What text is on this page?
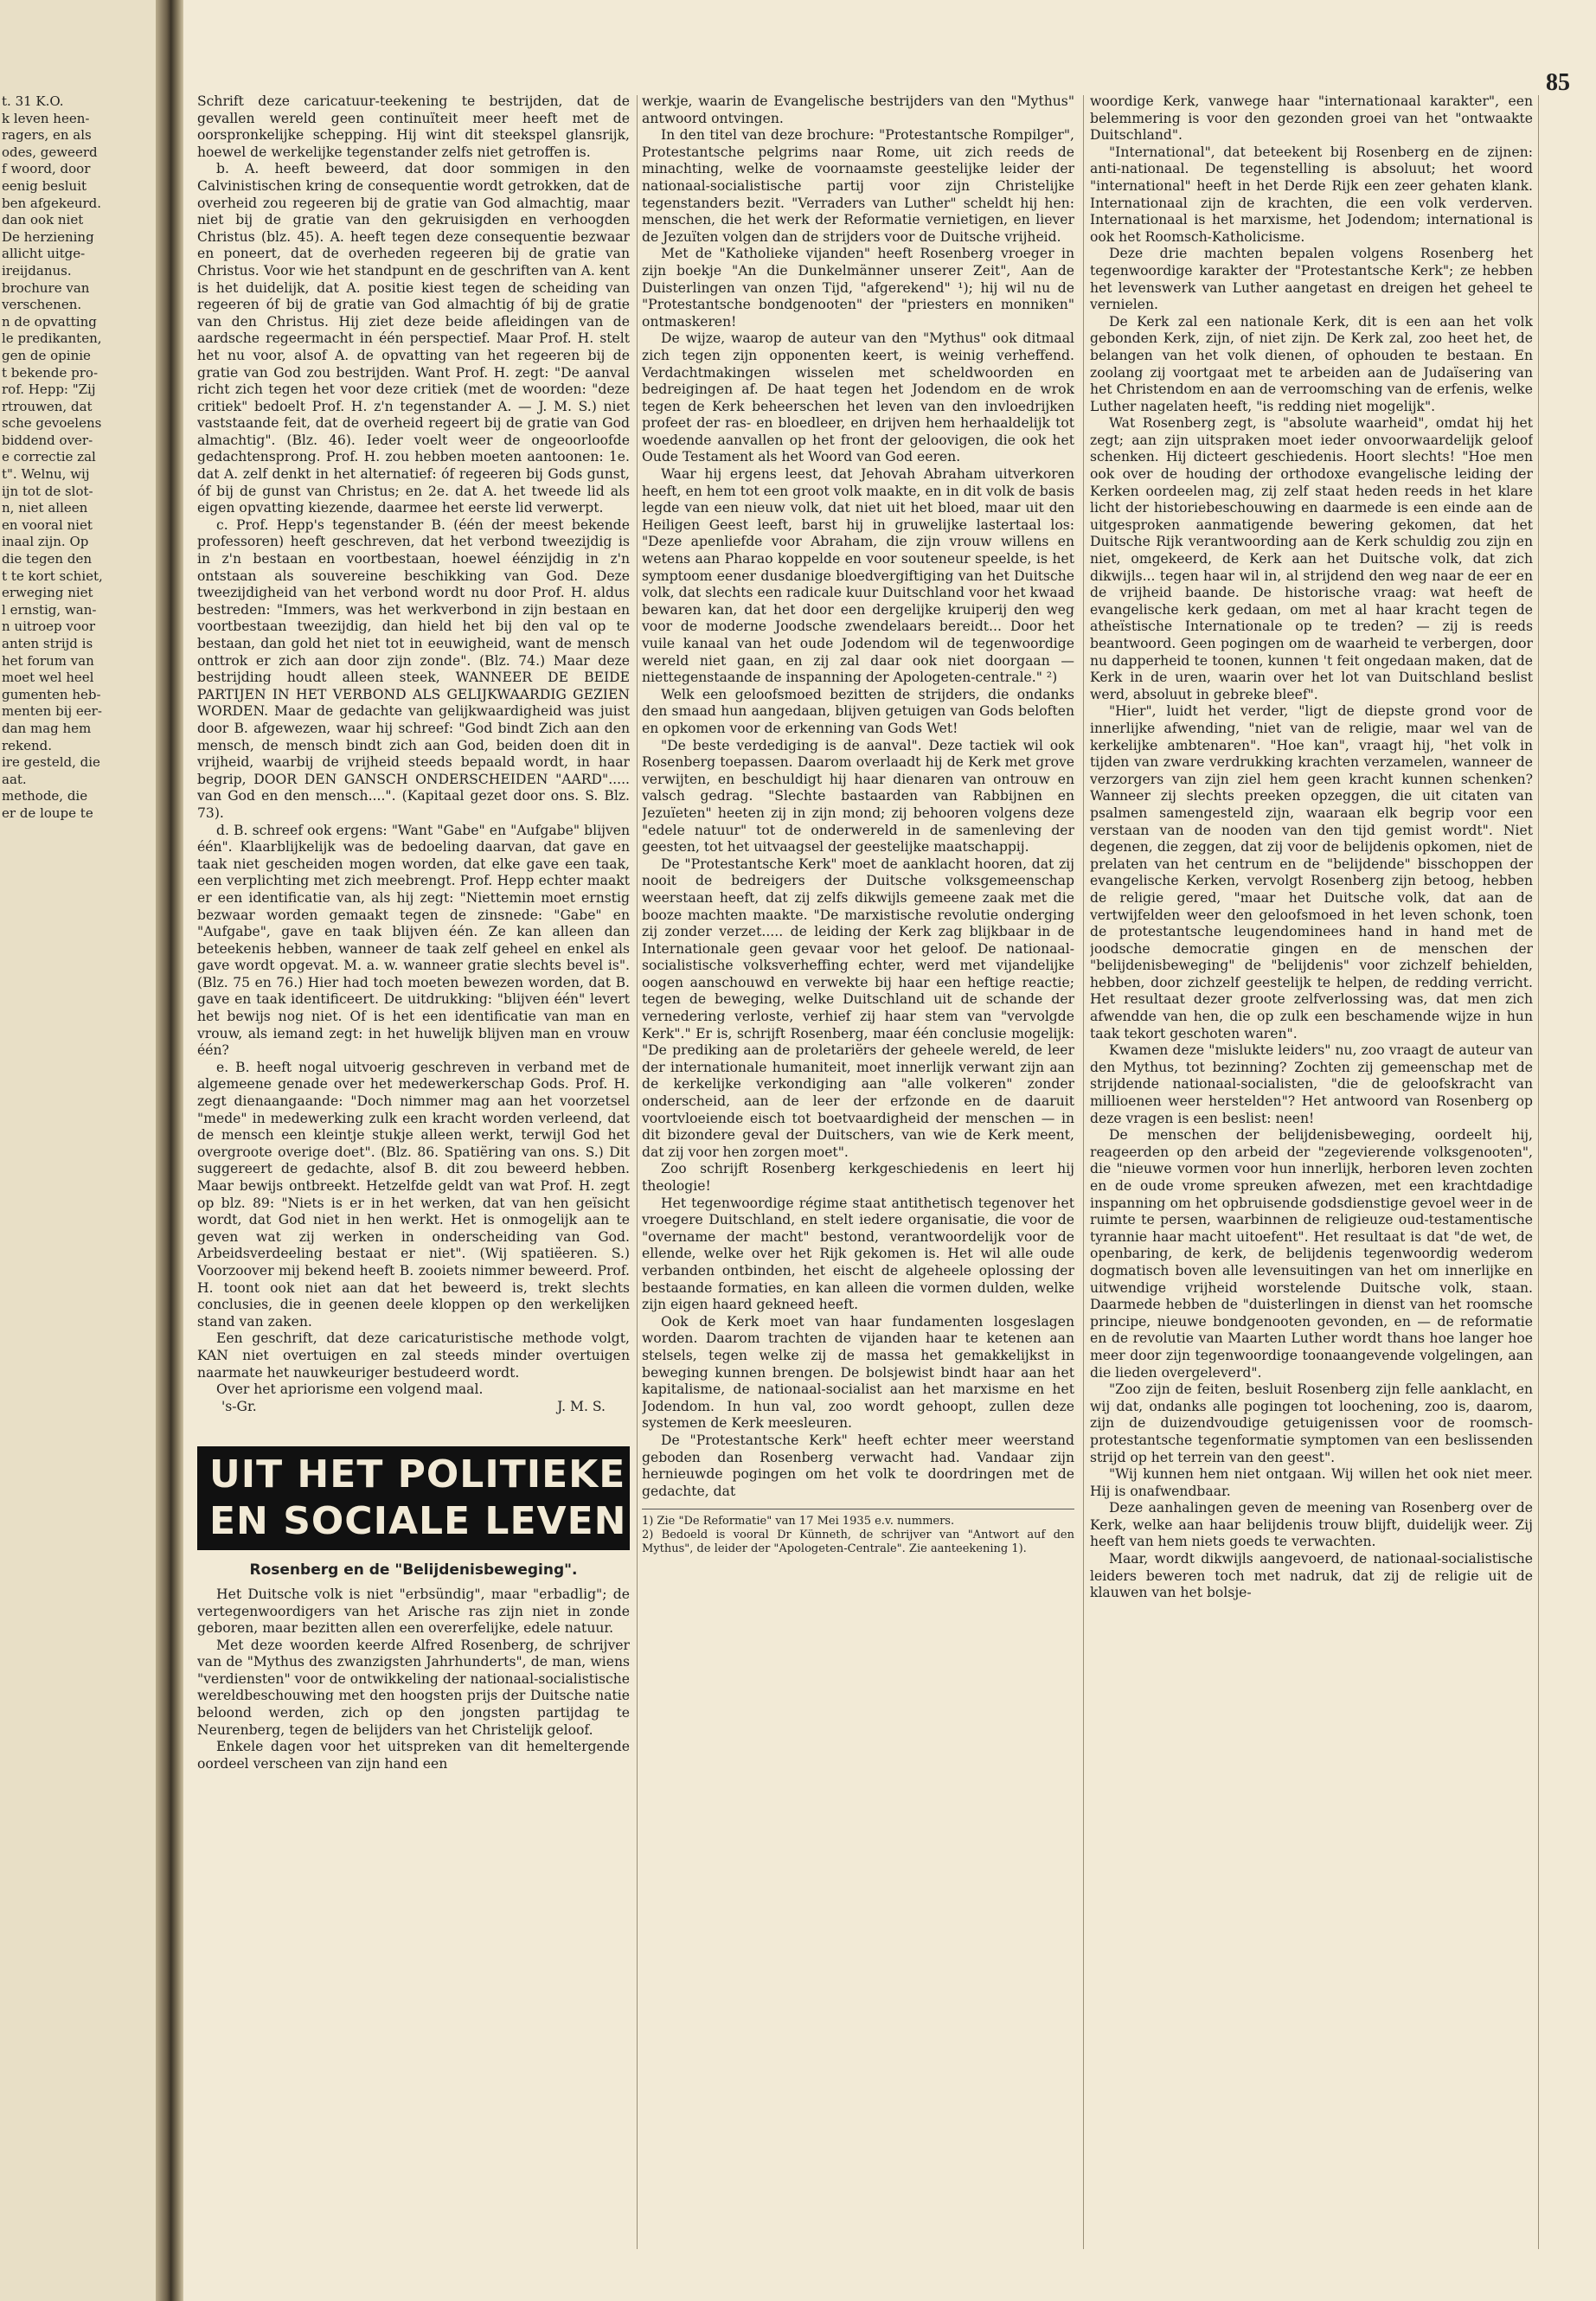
t. 31 K.O.

k leven heen-

ragers, en als

odes, geweerd

f woord, door

eenig besluit

ben afgekeurd.

dan ook niet

De herziening

allicht uitge-

ireijdanus.

brochure van

verschenen.

n de opvatting

le predikanten,

gen de opinie

t bekende pro-

rof. Hepp: "Zij

rtrouwen, dat

sche gevoelens

biddend over-

e correctie zal

t". Welnu, wij

ijn tot de slot-

n, niet alleen

en vooral niet

inaal zijn. Op

die tegen den

t te kort schiet,

erweging niet

l ernstig, wan-

n uitroep voor

anten strijd is

het forum van

moet wel heel

gumenten heb-

menten bij eer-

dan mag hem

rekend.

ire gesteld, die

aat.

methode, die

er de loupe te

85

Schrift deze caricatuur-teekening te bestrijden, dat de gevallen wereld geen continuïteit meer heeft met de oorspronkelijke schepping. Hij wint dit steekspel glansrijk, hoewel de werkelijke tegenstander zelfs niet getroffen is.

b. A. heeft beweerd, dat door sommigen in den Calvinistischen kring de consequentie wordt getrokken, dat de overheid zou regeeren bij de gratie van God almachtig, maar niet bij de gratie van den gekruisigden en verhoogden Christus (blz. 45). A. heeft tegen deze consequentie bezwaar en poneert, dat de overheden regeeren bij de gratie van Christus. Voor wie het standpunt en de geschriften van A. kent is het duidelijk, dat A. positie kiest tegen de scheiding van regeeren óf bij de gratie van God almachtig óf bij de gratie van den Christus. Hij ziet deze beide afleidingen van de aardsche regeermacht in één perspectief. Maar Prof. H. stelt het nu voor, alsof A. de opvatting van het regeeren bij de gratie van God zou bestrijden. Want Prof. H. zegt: "De aanval richt zich tegen het voor deze critiek (met de woorden: "deze critiek" bedoelt Prof. H. z'n tegenstander A. — J. M. S.) niet vaststaande feit, dat de overheid regeert bij de gratie van God almachtig". (Blz. 46). Ieder voelt weer de ongeoorloofde gedachtensprong. Prof. H. zou hebben moeten aantoonen: 1e. dat A. zelf denkt in het alternatief: óf regeeren bij Gods gunst, óf bij de gunst van Christus; en 2e. dat A. het tweede lid als eigen opvatting kiezende, daarmee het eerste lid verwerpt.

c. Prof. Hepp's tegenstander B. (één der meest bekende professoren) heeft geschreven, dat het verbond tweezijdig is in z'n bestaan en voortbestaan, hoewel éénzijdig in z'n ontstaan als souvereine beschikking van God. Deze tweezijdigheid van het verbond wordt nu door Prof. H. aldus bestreden: "Immers, was het werkverbond in zijn bestaan en voortbestaan tweezijdig, dan hield het bij den val op te bestaan, dan gold het niet tot in eeuwigheid, want de mensch onttrok er zich aan door zijn zonde". (Blz. 74.) Maar deze bestrijding houdt alleen steek, WANNEER DE BEIDE PARTIJEN IN HET VERBOND ALS GELIJKWAARDIG GEZIEN WORDEN. Maar de gedachte van gelijkwaardigheid was juist door B. afgewezen, waar hij schreef: "God bindt Zich aan den mensch, de mensch bindt zich aan God, beiden doen dit in vrijheid, waarbij de vrijheid steeds bepaald wordt, in haar begrip, DOOR DEN GANSCH ONDERSCHEIDEN "AARD"..... van God en den mensch....". (Kapitaal gezet door ons. S. Blz. 73).

d. B. schreef ook ergens: "Want "Gabe" en "Aufgabe" blijven één". Klaarblijkelijk was de bedoeling daarvan, dat gave en taak niet gescheiden mogen worden, dat elke gave een taak, een verplichting met zich meebrengt. Prof. Hepp echter maakt er een identificatie van, als hij zegt: "Niettemin moet ernstig bezwaar worden gemaakt tegen de zinsnede: "Gabe" en "Aufgabe", gave en taak blijven één. Ze kan alleen dan beteekenis hebben, wanneer de taak zelf geheel en enkel als gave wordt opgevat. M. a. w. wanneer gratie slechts bevel is". (Blz. 75 en 76.) Hier had toch moeten bewezen worden, dat B. gave en taak identificeert. De uitdrukking: "blijven één" levert het bewijs nog niet. Of is het een identificatie van man en vrouw, als iemand zegt: in het huwelijk blijven man en vrouw één?

e. B. heeft nogal uitvoerig geschreven in verband met de algemeene genade over het medewerkerschap Gods. Prof. H. zegt dienaangaande: "Doch nimmer mag aan het voorzetsel "mede" in medewerking zulk een kracht worden verleend, dat de mensch een kleintje stukje alleen werkt, terwijl God het overgroote overige doet". (Blz. 86. Spatiëring van ons. S.) Dit suggereert de gedachte, alsof B. dit zou beweerd hebben. Maar bewijs ontbreekt. Hetzelfde geldt van wat Prof. H. zegt op blz. 89: "Niets is er in het werken, dat van hen geïsicht wordt, dat God niet in hen werkt. Het is onmogelijk aan te geven wat zij werken in onderscheiding van God. Arbeidsverdeeling bestaat er niet". (Wij spatiëeren. S.) Voorzoover mij bekend heeft B. zooiets nimmer beweerd. Prof. H. toont ook niet aan dat het beweerd is, trekt slechts conclusies, die in geenen deele kloppen op den werkelijken stand van zaken.

Een geschrift, dat deze caricaturistische methode volgt, KAN niet overtuigen en zal steeds minder overtuigen naarmate het nauwkeuriger bestudeerd wordt.

Over het apriorisme een volgend maal.

's-Gr.	J. M. S.
UIT HET POLITIEKE
EN SOCIALE LEVEN
Rosenberg en de "Belijdenisbeweging".

Het Duitsche volk is niet "erbsündig", maar "erbadlig"; de vertegenwoordigers van het Arische ras zijn niet in zonde geboren, maar bezitten allen een overerfelijke, edele natuur.

Met deze woorden keerde Alfred Rosenberg, de schrijver van de "Mythus des zwanzigsten Jahrhunderts", de man, wiens "verdiensten" voor de ontwikkeling der nationaal-socialistische wereldbeschouwing met den hoogsten prijs der Duitsche natie beloond werden, zich op den jongsten partijdag te Neurenberg, tegen de belijders van het Christelijk geloof.

Enkele dagen voor het uitspreken van dit hemeltergende oordeel verscheen van zijn hand een

werkje, waarin de Evangelische bestrijders van den "Mythus" antwoord ontvingen.

In den titel van deze brochure: "Protestantsche Rompilger", Protestantsche pelgrims naar Rome, uit zich reeds de minachting, welke de voornaamste geestelijke leider der nationaal-socialistische partij voor zijn Christelijke tegenstanders bezit. "Verraders van Luther" scheldt hij hen: menschen, die het werk der Reformatie vernietigen, en liever de Jezuïten volgen dan de strijders voor de Duitsche vrijheid.

Met de "Katholieke vijanden" heeft Rosenberg vroeger in zijn boekje "An die Dunkelmänner unserer Zeit", Aan de Duisterlingen van onzen Tijd, "afgerekend" ¹); hij wil nu de "Protestantsche bondgenooten" der "priesters en monniken" ontmaskeren!

De wijze, waarop de auteur van den "Mythus" ook ditmaal zich tegen zijn opponenten keert, is weinig verheffend. Verdachtmakingen wisselen met scheldwoorden en bedreigingen af. De haat tegen het Jodendom en de wrok tegen de Kerk beheerschen het leven van den invloedrijken profeet der ras- en bloedleer, en drijven hem herhaaldelijk tot woedende aanvallen op het front der geloovigen, die ook het Oude Testament als het Woord van God eeren.

Waar hij ergens leest, dat Jehovah Abraham uitverkoren heeft, en hem tot een groot volk maakte, en in dit volk de basis legde van een nieuw volk, dat niet uit het bloed, maar uit den Heiligen Geest leeft, barst hij in gruwelijke lastertaal los: "Deze apenliefde voor Abraham, die zijn vrouw willens en wetens aan Pharao koppelde en voor souteneur speelde, is het symptoom eener dusdanige bloedvergiftiging van het Duitsche volk, dat slechts een radicale kuur Duitschland voor het kwaad bewaren kan, dat het door een dergelijke kruiperij den weg voor de moderne Joodsche zwendelaars bereidt... Door het vuile kanaal van het oude Jodendom wil de tegenwoordige wereld niet gaan, en zij zal daar ook niet doorgaan — niettegenstaande de inspanning der Apologeten-centrale." ²)

Welk een geloofsmoed bezitten de strijders, die ondanks den smaad hun aangedaan, blijven getuigen van Gods beloften en opkomen voor de erkenning van Gods Wet!

"De beste verdediging is de aanval". Deze tactiek wil ook Rosenberg toepassen. Daarom overlaadt hij de Kerk met grove verwijten, en beschuldigt hij haar dienaren van ontrouw en valsch gedrag. "Slechte bastaarden van Rabbijnen en Jezuïeten" heeten zij in zijn mond; zij behooren volgens deze "edele natuur" tot de onderwereld in de samenleving der geesten, tot het uitvaagsel der geestelijke maatschappij.

De "Protestantsche Kerk" moet de aanklacht hooren, dat zij nooit de bedreigers der Duitsche volksgemeenschap weerstaan heeft, dat zij zelfs dikwijls gemeene zaak met die booze machten maakte. "De marxistische revolutie onderging zij zonder verzet..... de leiding der Kerk zag blijkbaar in de Internationale geen gevaar voor het geloof. De nationaal-socialistische volksverheffing echter, werd met vijandelijke oogen aanschouwd en verwekte bij haar een heftige reactie; tegen de beweging, welke Duitschland uit de schande der vernedering verloste, verhief zij haar stem van "vervolgde Kerk"." Er is, schrijft Rosenberg, maar één conclusie mogelijk: "De prediking aan de proletariërs der geheele wereld, de leer der internationale humaniteit, moet innerlijk verwant zijn aan de kerkelijke verkondiging aan "alle volkeren" zonder onderscheid, aan de leer der erfzonde en de daaruit voortvloeiende eisch tot boetvaardigheid der menschen — in dit bizondere geval der Duitschers, van wie de Kerk meent, dat zij voor hen zorgen moet".

Zoo schrijft Rosenberg kerkgeschiedenis en leert hij theologie!

Het tegenwoordige régime staat antithetisch tegenover het vroegere Duitschland, en stelt iedere organisatie, die voor de "overname der macht" bestond, verantwoordelijk voor de ellende, welke over het Rijk gekomen is. Het wil alle oude verbanden ontbinden, het eischt de algeheele oplossing der bestaande formaties, en kan alleen die vormen dulden, welke zijn eigen haard gekneed heeft.

Ook de Kerk moet van haar fundamenten losgeslagen worden. Daarom trachten de vijanden haar te ketenen aan stelsels, tegen welke zij de massa het gemakkelijkst in beweging kunnen brengen. De bolsjewist bindt haar aan het kapitalisme, de nationaal-socialist aan het marxisme en het Jodendom. In hun val, zoo wordt gehoopt, zullen deze systemen de Kerk meesleuren.

De "Protestantsche Kerk" heeft echter meer weerstand geboden dan Rosenberg verwacht had. Vandaar zijn hernieuwde pogingen om het volk te doordringen met de gedachte, dat

1) Zie "De Reformatie" van 17 Mei 1935 e.v. nummers.

2) Bedoeld is vooral Dr Künneth, de schrijver van "Antwort auf den Mythus", de leider der "Apologeten-Centrale". Zie aanteekening 1).

woordige Kerk, vanwege haar "internationaal karakter", een belemmering is voor den gezonden groei van het "ontwaakte Duitschland".

"International", dat beteekent bij Rosenberg en de zijnen: anti-nationaal. De tegenstelling is absoluut; het woord "international" heeft in het Derde Rijk een zeer gehaten klank. Internationaal zijn de krachten, die een volk verderven. Internationaal is het marxisme, het Jodendom; international is ook het Roomsch-Katholicisme.

Deze drie machten bepalen volgens Rosenberg het tegenwoordige karakter der "Protestantsche Kerk"; ze hebben het levenswerk van Luther aangetast en dreigen het geheel te vernielen.

De Kerk zal een nationale Kerk, dit is een aan het volk gebonden Kerk, zijn, of niet zijn. De Kerk zal, zoo heet het, de belangen van het volk dienen, of ophouden te bestaan. En zoolang zij voortgaat met te arbeiden aan de Judaïsering van het Christendom en aan de verroomsching van de erfenis, welke Luther nagelaten heeft, "is redding niet mogelijk".

Wat Rosenberg zegt, is "absolute waarheid", omdat hij het zegt; aan zijn uitspraken moet ieder onvoorwaardelijk geloof schenken. Hij dicteert geschiedenis. Hoort slechts! "Hoe men ook over de houding der orthodoxe evangelische leiding der Kerken oordeelen mag, zij zelf staat heden reeds in het klare licht der historiebeschouwing en daarmede is een einde aan de uitgesproken aanmatigende bewering gekomen, dat het Duitsche Rijk verantwoording aan de Kerk schuldig zou zijn en niet, omgekeerd, de Kerk aan het Duitsche volk, dat zich dikwijls... tegen haar wil in, al strijdend den weg naar de eer en de vrijheid baande. De historische vraag: wat heeft de evangelische kerk gedaan, om met al haar kracht tegen de atheïstische Internationale op te treden? — zij is reeds beantwoord. Geen pogingen om de waarheid te verbergen, door nu dapperheid te toonen, kunnen 't feit ongedaan maken, dat de Kerk in de uren, waarin over het lot van Duitschland beslist werd, absoluut in gebreke bleef".

"Hier", luidt het verder, "ligt de diepste grond voor de innerlijke afwending, "niet van de religie, maar wel van de kerkelijke ambtenaren". "Hoe kan", vraagt hij, "het volk in tijden van zware verdrukking krachten verzamelen, wanneer de verzorgers van zijn ziel hem geen kracht kunnen schenken? Wanneer zij slechts preeken opzeggen, die uit citaten van psalmen samengesteld zijn, waaraan elk begrip voor een verstaan van de nooden van den tijd gemist wordt". Niet degenen, die zeggen, dat zij voor de belijdenis opkomen, niet de prelaten van het centrum en de "belijdende" bisschoppen der evangelische Kerken, vervolgt Rosenberg zijn betoog, hebben de religie gered, "maar het Duitsche volk, dat aan de vertwijfelden weer den geloofsmoed in het leven schonk, toen de protestantsche leugendominees hand in hand met de joodsche democratie gingen en de menschen der "belijdenisbeweging" de "belijdenis" voor zichzelf behielden, hebben, door zichzelf geestelijk te helpen, de redding verricht. Het resultaat dezer groote zelfverlossing was, dat men zich afwendde van hen, die op zulk een beschamende wijze in hun taak tekort geschoten waren".

Kwamen deze "mislukte leiders" nu, zoo vraagt de auteur van den Mythus, tot bezinning? Zochten zij gemeenschap met de strijdende nationaal-socialisten, "die de geloofskracht van millioenen weer herstelden"? Het antwoord van Rosenberg op deze vragen is een beslist: neen!

De menschen der belijdenisbeweging, oordeelt hij, reageerden op den arbeid der "zegevierende volksgenooten", die "nieuwe vormen voor hun innerlijk, herboren leven zochten en de oude vrome spreuken afwezen, met een krachtdadige inspanning om het opbruisende godsdienstige gevoel weer in de ruimte te persen, waarbinnen de religieuze oud-testamentische tyrannie haar macht uitoefent". Het resultaat is dat "de wet, de openbaring, de kerk, de belijdenis tegenwoordig wederom dogmatisch boven alle levensuitingen van het om innerlijke en uitwendige vrijheid worstelende Duitsche volk, staan. Daarmede hebben de "duisterlingen in dienst van het roomsche principe, nieuwe bondgenooten gevonden, en — de reformatie en de revolutie van Maarten Luther wordt thans hoe langer hoe meer door zijn tegenwoordige toonaangevende volgelingen, aan die lieden overgeleverd".

"Zoo zijn de feiten, besluit Rosenberg zijn felle aanklacht, en wij dat, ondanks alle pogingen tot loochening, zoo is, daarom, zijn de duizendvoudige getuigenissen voor de roomsch-protestantsche tegenformatie symptomen van een beslissenden strijd op het terrein van den geest".

"Wij kunnen hem niet ontgaan. Wij willen het ook niet meer. Hij is onafwendbaar.

Deze aanhalingen geven de meening van Rosenberg over de Kerk, welke aan haar belijdenis trouw blijft, duidelijk weer. Zij heeft van hem niets goeds te verwachten.

Maar, wordt dikwijls aangevoerd, de nationaal-socialistische leiders beweren toch met nadruk, dat zij de religie uit de klauwen van het bolsje-
